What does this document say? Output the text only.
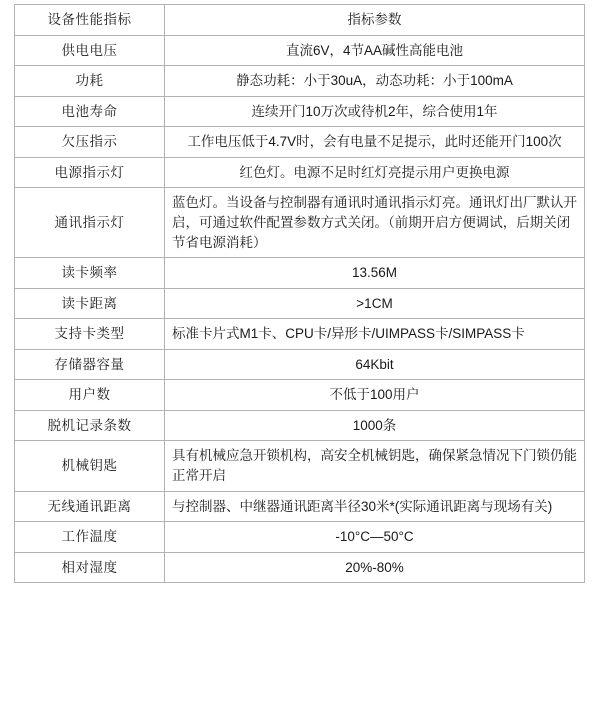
设备性能指标	指标参数
供电电压	直流6V，4节AA碱性高能电池
功耗	静态功耗：小于30uA，动态功耗：小于100mA
电池寿命	连续开门10万次或待机2年，综合使用1年
欠压指示	工作电压低于4.7V时，会有电量不足提示，此时还能开门100次
电源指示灯	红色灯。电源不足时红灯亮提示用户更换电源
通讯指示灯	蓝色灯。当设备与控制器有通讯时通讯指示灯亮。通讯灯出厂默认开启，可通过软件配置参数方式关闭。（前期开启方便调试，后期关闭节省电源消耗）
读卡频率	13.56M
读卡距离	>1CM
支持卡类型	标准卡片式M1卡、CPU卡/异形卡/UIMPASS卡/SIMPASS卡
存储器容量	64Kbit
用户数	不低于100用户
脱机记录条数	1000条
机械钥匙	具有机械应急开锁机构，高安全机械钥匙，确保紧急情况下门锁仍能正常开启
无线通讯距离	与控制器、中继器通讯距离半径30米*(实际通讯距离与现场有关)
工作温度	-10°C—50°C
相对湿度	20%-80%
